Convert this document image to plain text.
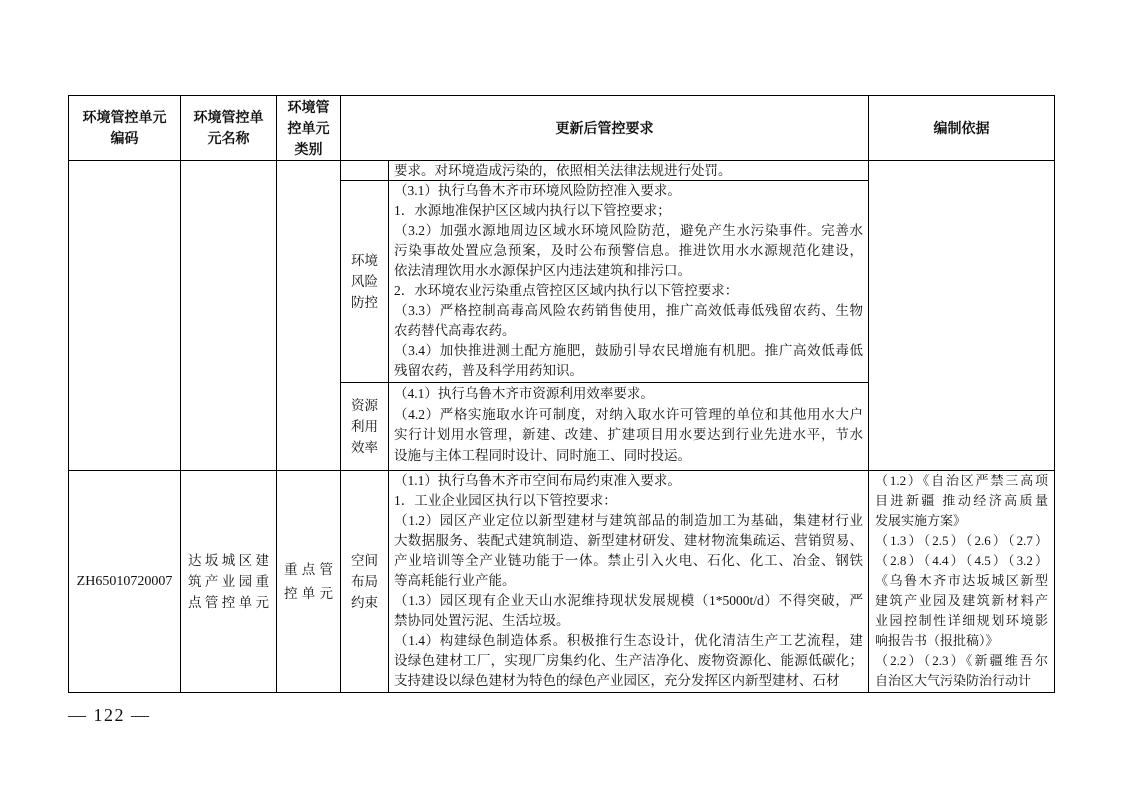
环境管控单元
编码
环境管控单
元名称
环境管
控单元
类别
更新后管控要求	编制依据
要求。对环境造成污染的，依照相关法律法规进行处罚。
环境
风险
防控
（3.1）执行乌鲁木齐市环境风险防控准入要求。
1．水源地准保护区区域内执行以下管控要求；
（3.2）加强水源地周边区域水环境风险防范，避免产生水污染事件。完善水
污染事故处置应急预案，及时公布预警信息。推进饮用水水源规范化建设，
依法清理饮用水水源保护区内违法建筑和排污口。
2．水环境农业污染重点管控区区域内执行以下管控要求：
（3.3）严格控制高毒高风险农药销售使用，推广高效低毒低残留农药、生物
农药替代高毒农药。
（3.4）加快推进测土配方施肥，鼓励引导农民增施有机肥。推广高效低毒低
残留农药，普及科学用药知识。
资源
利用
效率
（4.1）执行乌鲁木齐市资源利用效率要求。
（4.2）严格实施取水许可制度，对纳入取水许可管理的单位和其他用水大户
实行计划用水管理，新建、改建、扩建项目用水要达到行业先进水平，节水
设施与主体工程同时设计、同时施工、同时投运。
ZH65010720007
达坂城区建
筑产业园重
点管控单元
重点管
控单元
空间
布局
约束
（1.1）执行乌鲁木齐市空间布局约束准入要求。
1．工业企业园区执行以下管控要求：
（1.2）园区产业定位以新型建材与建筑部品的制造加工为基础，集建材行业
大数据服务、装配式建筑制造、新型建材研发、建材物流集疏运、营销贸易、
产业培训等全产业链功能于一体。禁止引入火电、石化、化工、冶金、钢铁
等高耗能行业产能。
（1.3）园区现有企业天山水泥维持现状发展规模（1*5000t/d）不得突破，严
禁协同处置污泥、生活垃圾。
（1.4）构建绿色制造体系。积极推行生态设计，优化清洁生产工艺流程，建
设绿色建材工厂，实现厂房集约化、生产洁净化、废物资源化、能源低碳化；
支持建设以绿色建材为特色的绿色产业园区，充分发挥区内新型建材、石材
（1.2）《自治区严禁三高项
目进新疆 推动经济高质量
发展实施方案》
（1.3）（2.5）（2.6）（2.7）
（2.8）（4.4）（4.5）（3.2）
《乌鲁木齐市达坂城区新型
建筑产业园及建筑新材料产
业园控制性详细规划环境影
响报告书（报批稿）》
（2.2）（2.3）《新疆维吾尔
自治区大气污染防治行动计
— 122 —
